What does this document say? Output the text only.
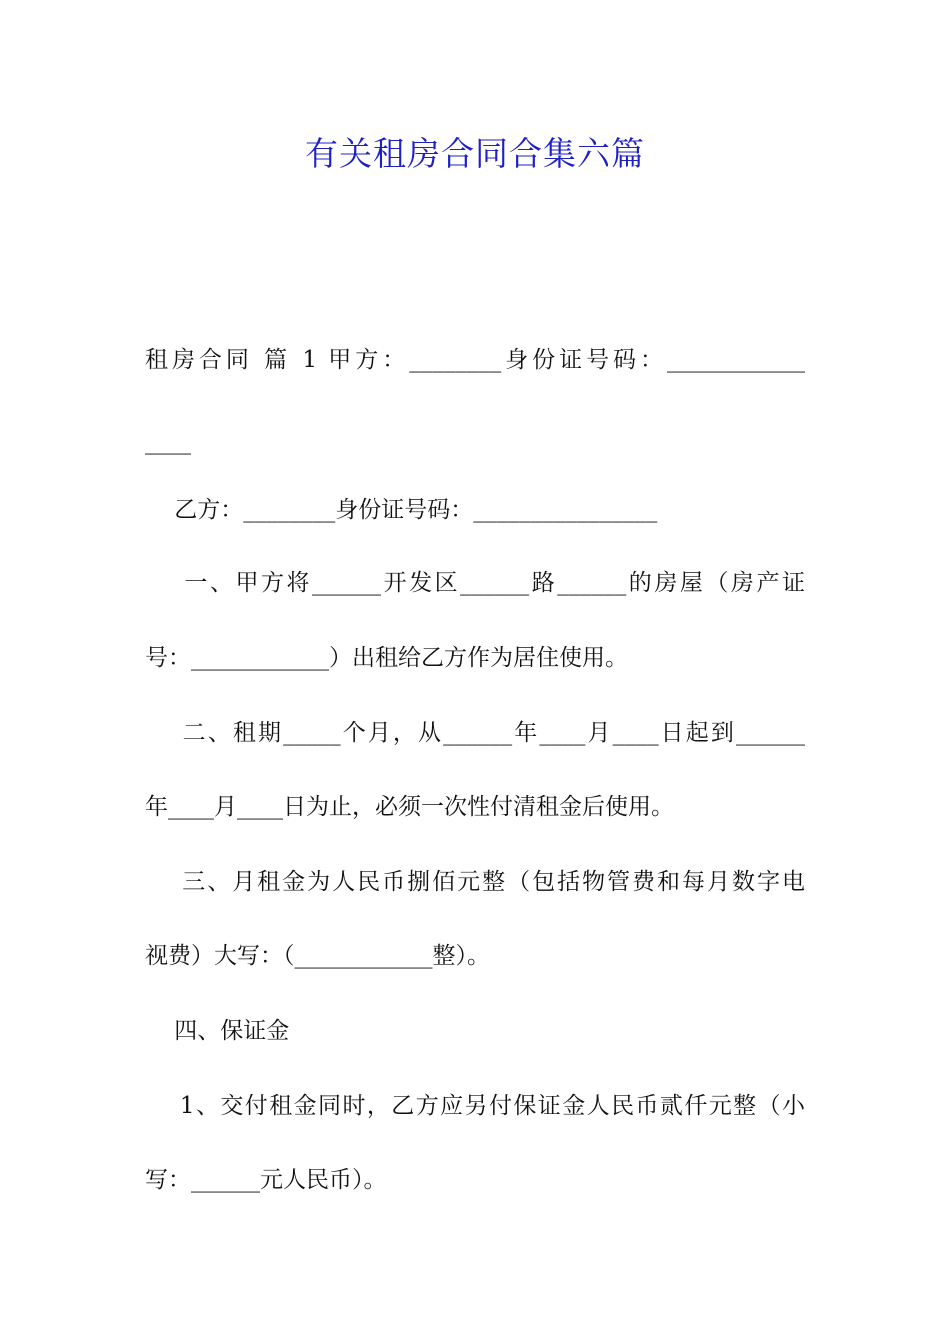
有关租房合同合集六篇
租房合同 篇 1 甲方：________身份证号码：____________
____
乙方：________身份证号码：________________
一、甲方将______开发区______路______的房屋（房产证
号：____________）出租给乙方作为居住使用。
二、租期_____个月，从______年____月____日起到______
年____月____日为止，必须一次性付清租金后使用。
三、月租金为人民币捌佰元整（包括物管费和每月数字电
视费）大写：（____________整）。
四、保证金
1、交付租金同时，乙方应另付保证金人民币贰仟元整（小
写：______元人民币）。
